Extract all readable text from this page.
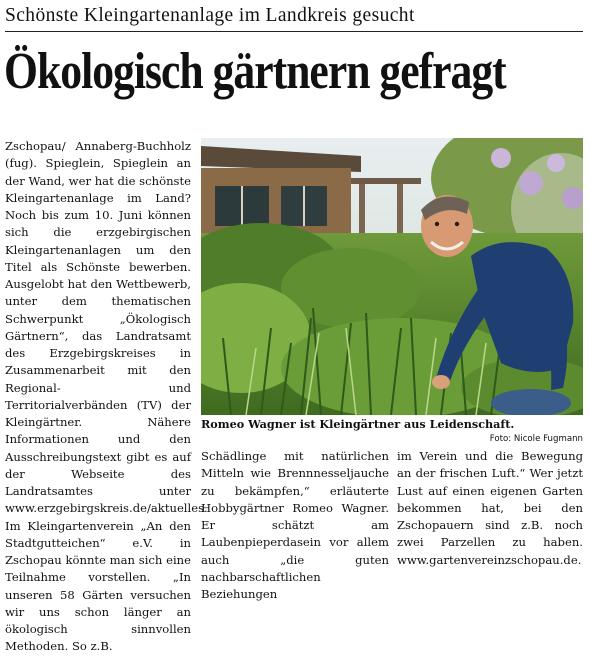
Schönste Kleingartenanlage im Landkreis gesucht
Ökologisch gärtnern gefragt
Zschopau/ Annaberg-Buchholz (fug). Spieglein, Spieglein an der Wand, wer hat die schönste Kleingartenanlage im Land? Noch bis zum 10. Juni können sich die erzgebirgischen Kleingartenanlagen um den Titel als Schönste bewerben. Ausgelobt hat den Wettbewerb, unter dem thematischen Schwerpunkt „Ökologisch Gärtnern“, das Landratsamt des Erzgebirgskreises in Zusammenarbeit mit den Regional- und Territorialverbänden (TV) der Kleingärtner. Nähere Informationen und den Ausschreibungstext gibt es auf der Webseite des Landratsamtes unter www.erzgebirgskreis.de/aktuelles. Im Kleingartenverein „An den Stadtgutteichen“ e.V. in Zschopau könnte man sich eine Teilnahme vorstellen. „In unseren 58 Gärten versuchen wir uns schon länger an ökologisch sinnvollen Methoden. So z.B.
Romeo Wagner ist Kleingärtner aus Leidenschaft.
Foto: Nicole Fugmann
Schädlinge mit natürlichen Mitteln wie Brennnesseljauche zu bekämpfen,“ erläuterte Hobbygärtner Romeo Wagner. Er schätzt am Laubenpieperdasein vor allem auch „die guten nachbarschaftlichen Beziehungen
im Verein und die Bewegung an der frischen Luft.“ Wer jetzt Lust auf einen eigenen Garten bekommen hat, bei den Zschopauern sind z.B. noch zwei Parzellen zu haben. www.gartenvereinzschopau.de.
